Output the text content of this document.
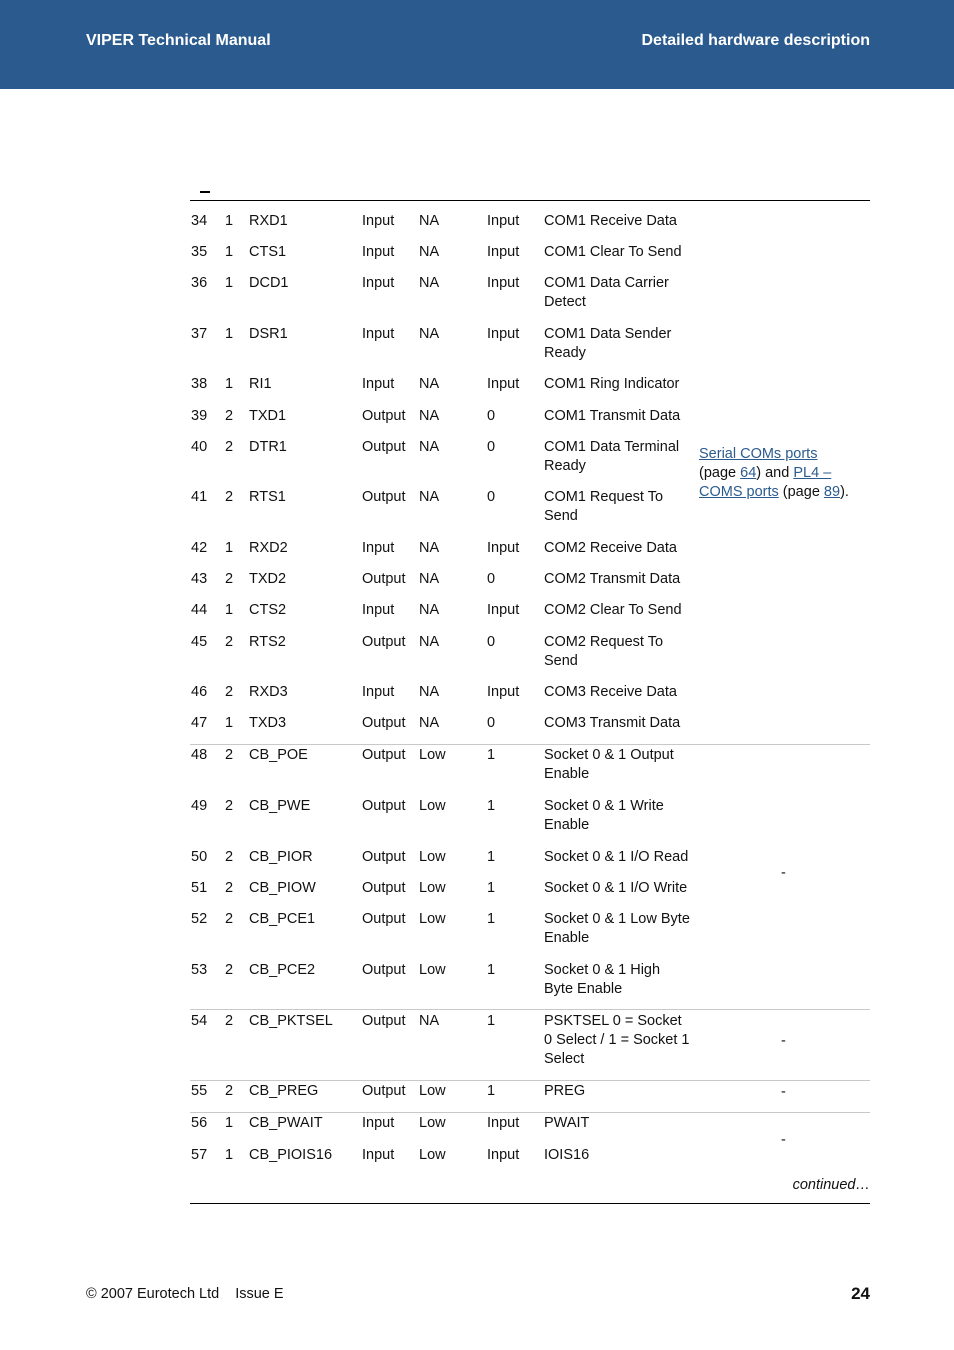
VIPER Technical Manual	Detailed hardware description
34 1 RXD1	Input NA	Input COM1 Receive Data
35 1 CTS1	Input NA	Input COM1 Clear To Send
36 1 DCD1	Input NA	Input COM1 Data Carrier
Detect
37 1 DSR1	Input NA	Input COM1 Data Sender
Ready
38 1 RI1	Input NA	Input COM1 Ring Indicator
39 2 TXD1	Output NA	0	COM1 Transmit Data
40 2 DTR1	Output NA	0	COM1 Data Terminal
Ready
41 2 RTS1	Output NA	0	COM1 Request To
Send
42 1 RXD2	Input NA	Input COM2 Receive Data
43 2 TXD2	Output NA	0	COM2 Transmit Data
44 1 CTS2	Input NA	Input COM2 Clear To Send
45 2 RTS2	Output NA	0	COM2 Request To
Send
46 2 RXD3	Input NA	Input COM3 Receive Data
47 1 TXD3	Output NA	0	COM3 Transmit Data
48 2 CB_POE	Output Low	1	Socket 0 & 1 Output
Enable
49 2 CB_PWE	Output Low	1	Socket 0 & 1 Write
Enable
50 2 CB_PIOR	Output Low	1	Socket 0 & 1 I/O Read
51 2 CB_PIOW	Output Low	1	Socket 0 & 1 I/O Write
52 2 CB_PCE1	Output Low	1	Socket 0 & 1 Low Byte
Enable
53 2 CB_PCE2	Output Low	1	Socket 0 & 1 High
Byte Enable
54 2 CB_PKTSEL Output NA	1	PSKTSEL 0 = Socket
0 Select / 1 = Socket 1
Select
55 2 CB_PREG	Output Low	1	PREG
56 1 CB_PWAIT	Input Low	Input PWAIT
57 1 CB_PIOIS16 Input Low	Input IOIS16
Serial COMs ports
(page 64) and PL4 – COMS ports (page 89).
-
-
-
-
continued…
© 2007 Eurotech Ltd Issue E	24
